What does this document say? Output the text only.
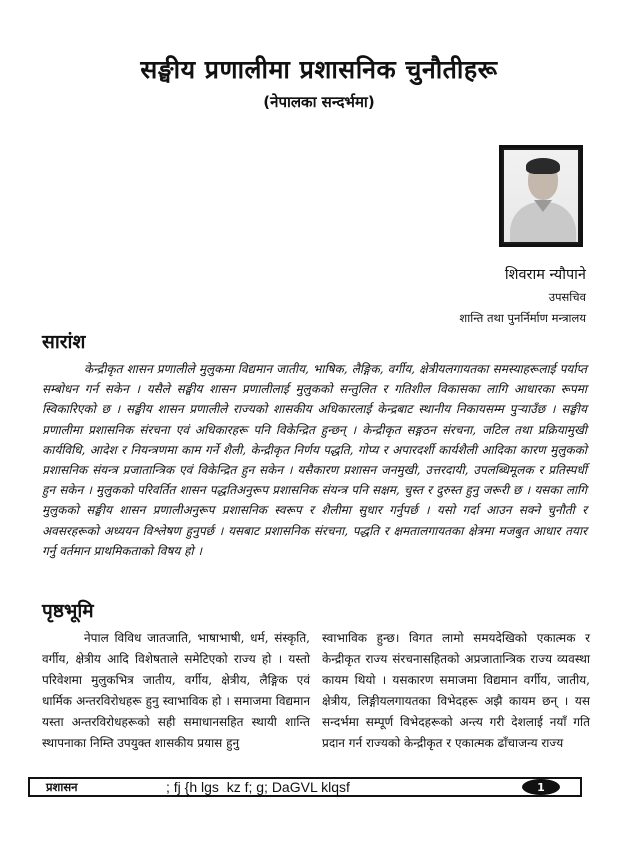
सङ्घीय प्रणालीमा प्रशासनिक चुनौतीहरू
(नेपालका सन्दर्भमा)
शिवराम न्यौपाने
उपसचिव
शान्ति तथा पुनर्निर्माण मन्त्रालय
सारांश

केन्द्रीकृत शासन प्रणालीले मुलुकमा विद्यमान जातीय, भाषिक, लैङ्गिक, वर्गीय, क्षेत्रीयलगायतका समस्याहरूलाई पर्याप्त सम्बोधन गर्न सकेन । यसैले सङ्घीय शासन प्रणालीलाई मुलुकको सन्तुलित र गतिशील विकासका लागि आधारका रूपमा स्विकारिएको छ । सङ्घीय शासन प्रणालीले राज्यको शासकीय अधिकारलाई केन्द्रबाट स्थानीय निकायसम्म पुऱ्याउँछ । सङ्घीय प्रणालीमा प्रशासनिक संरचना एवं अधिकारहरू पनि विकेन्द्रित हुन्छन् । केन्द्रीकृत सङ्गठन संरचना, जटिल तथा प्रक्रियामुखी कार्यविधि, आदेश र नियन्त्रणमा काम गर्ने शैली, केन्द्रीकृत निर्णय पद्धति, गोप्य र अपारदर्शी कार्यशैली आदिका कारण मुलुकको प्रशासनिक संयन्त्र प्रजातान्त्रिक एवं विकेन्द्रित हुन सकेन । यसैकारण प्रशासन जनमुखी, उत्तरदायी, उपलब्धिमूलक र प्रतिस्पर्धी हुन सकेन । मुलुकको परिवर्तित शासन पद्धतिअनुरूप प्रशासनिक संयन्त्र पनि सक्षम, चुस्त र दुरुस्त हुनु जरूरी छ । यसका लागि मुलुकको सङ्घीय शासन प्रणालीअनुरूप प्रशासनिक स्वरूप र शैलीमा सुधार गर्नुपर्छ । यसो गर्दा आउन सक्ने चुनौती र अवसरहरूको अध्ययन विश्लेषण हुनुपर्छ । यसबाट प्रशासनिक संरचना, पद्धति र क्षमतालगायतका क्षेत्रमा मजबुत आधार तयार गर्नु वर्तमान प्राथमिकताको विषय हो ।

पृष्ठभूमि

नेपाल विविध जातजाति, भाषाभाषी, धर्म, संस्कृति, वर्गीय, क्षेत्रीय आदि विशेषताले समेटिएको राज्य हो । यस्तो परिवेशमा मुलुकभित्र जातीय, वर्गीय, क्षेत्रीय, लैङ्गिक एवं धार्मिक अन्तरविरोधहरू हुनु स्वाभाविक हो । समाजमा विद्यमान यस्ता अन्तरविरोधहरूको सही समाधानसहित स्थायी शान्ति स्थापनाका निम्ति उपयुक्त शासकीय प्रयास हुनु

स्वाभाविक हुन्छ। विगत लामो समयदेखिको एकात्मक र केन्द्रीकृत राज्य संरचनासहितको अप्रजातान्त्रिक राज्य व्यवस्था कायम थियो । यसकारण समाजमा विद्यमान वर्गीय, जातीय, क्षेत्रीय, लिङ्गीयलगायतका विभेदहरू अझै कायम छन् । यस सन्दर्भमा सम्पूर्ण विभेदहरूको अन्त्य गरी देशलाई नयाँ गति प्रदान गर्न राज्यको केन्द्रीकृत र एकात्मक ढाँचाजन्य राज्य

प्रशासन	; fj {h lgs  kz f; g; DaGVL klqsf	1
